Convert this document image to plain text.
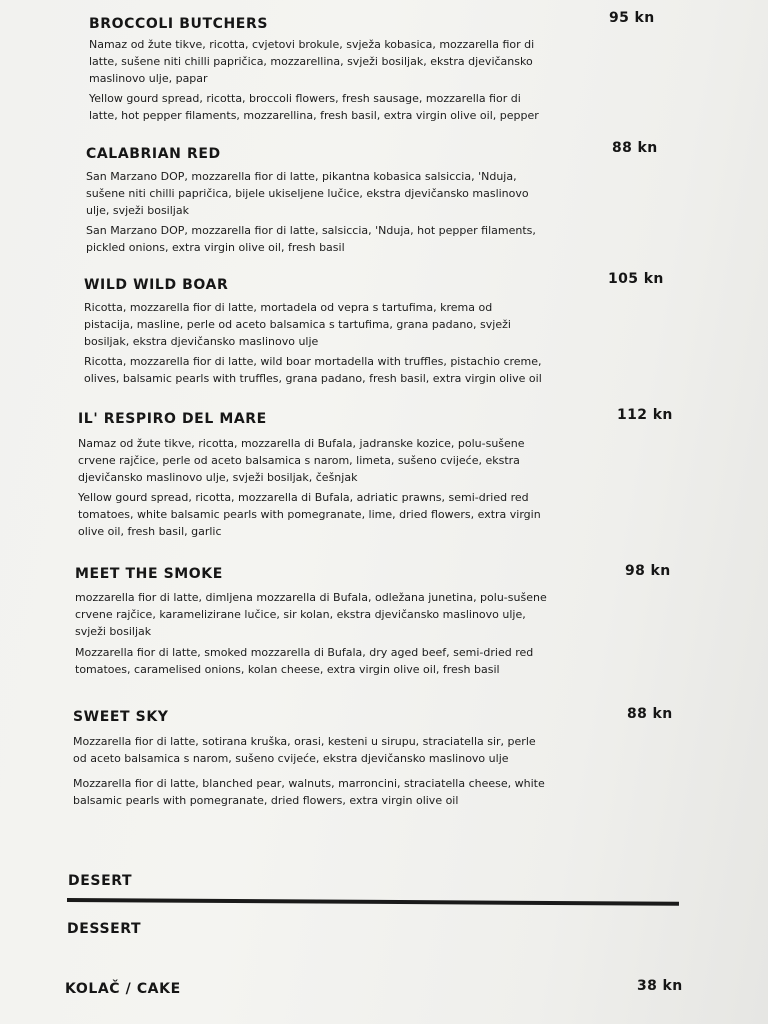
BROCCOLI BUTCHERS	95 kn
Namaz od žute tikve, ricotta, cvjetovi brokule, svježa kobasica, mozzarella fior di latte, sušene niti chilli papričica, mozzarellina, svježi bosiljak, ekstra djevičansko maslinovo ulje, papar
Yellow gourd spread, ricotta, broccoli flowers, fresh sausage, mozzarella fior di latte, hot pepper filaments, mozzarellina, fresh basil, extra virgin olive oil, pepper
CALABRIAN RED	88 kn
San Marzano DOP, mozzarella fior di latte, pikantna kobasica salsiccia, 'Nduja, sušene niti chilli papričica, bijele ukiseljene lučice, ekstra djevičansko maslinovo ulje, svježi bosiljak
San Marzano DOP, mozzarella fior di latte, salsiccia, 'Nduja, hot pepper filaments, pickled onions, extra virgin olive oil, fresh basil
WILD WILD BOAR	105 kn
Ricotta, mozzarella fior di latte, mortadela od vepra s tartufima, krema od pistacija, masline, perle od aceto balsamica s tartufima, grana padano, svježi bosiljak, ekstra djevičansko maslinovo ulje
Ricotta, mozzarella fior di latte, wild boar mortadella with truffles, pistachio creme, olives, balsamic pearls with truffles, grana padano, fresh basil, extra virgin olive oil
IL' RESPIRO DEL MARE	112 kn
Namaz od žute tikve, ricotta, mozzarella di Bufala, jadranske kozice, polu-sušene crvene rajčice, perle od aceto balsamica s narom, limeta, sušeno cvijeće, ekstra djevičansko maslinovo ulje, svježi bosiljak, češnjak
Yellow gourd spread, ricotta, mozzarella di Bufala, adriatic prawns, semi-dried red tomatoes, white balsamic pearls with pomegranate, lime, dried flowers, extra virgin olive oil, fresh basil, garlic
MEET THE SMOKE	98 kn
mozzarella fior di latte, dimljena mozzarella di Bufala, odležana junetina, polu-sušene crvene rajčice, karamelizirane lučice, sir kolan, ekstra djevičansko maslinovo ulje, svježi bosiljak
Mozzarella fior di latte, smoked mozzarella di Bufala, dry aged beef, semi-dried red tomatoes, caramelised onions, kolan cheese, extra virgin olive oil, fresh basil
SWEET SKY	88 kn
Mozzarella fior di latte, sotirana kruška, orasi, kesteni u sirupu, straciatella sir, perle od aceto balsamica s narom, sušeno cvijeće, ekstra djevičansko maslinovo ulje
Mozzarella fior di latte, blanched pear, walnuts, marroncini, straciatella cheese, white balsamic pearls with pomegranate, dried flowers, extra virgin olive oil
DESERT
DESSERT
KOLAČ / CAKE	38 kn
